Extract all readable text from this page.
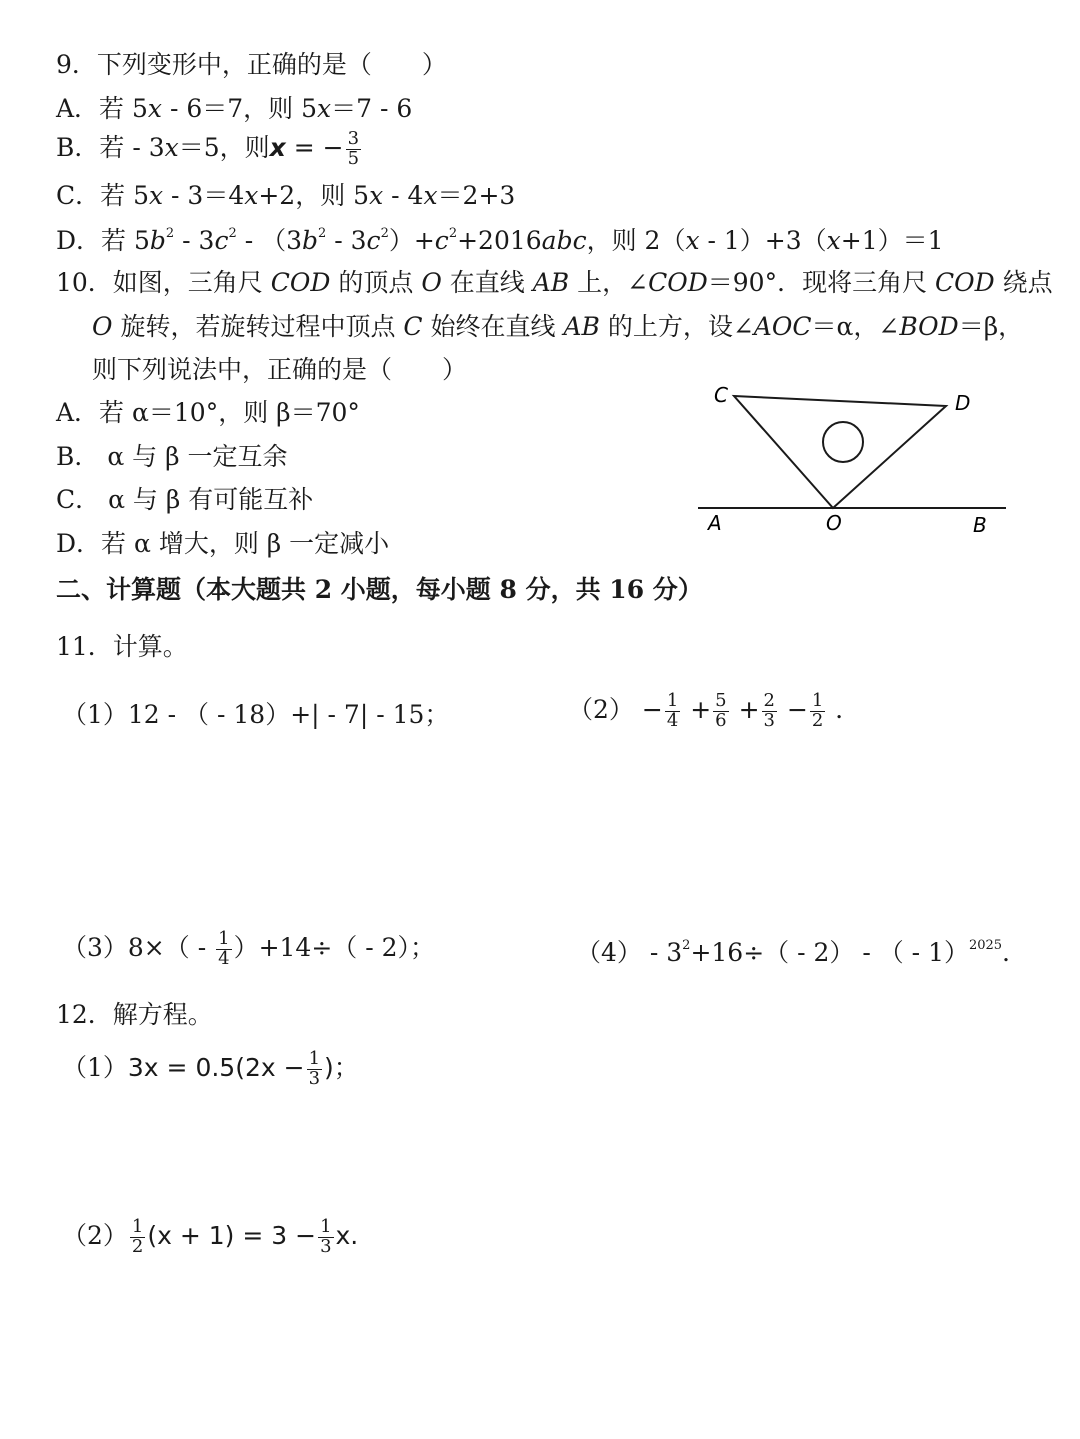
9．下列变形中，正确的是（　　）
A．若 5x - 6＝7，则 5x＝7 - 6
B．若 - 3x＝5，则x = − $\frac{3}{5}$
C．若 5x - 3＝4x+2，则 5x - 4x＝2+3
D．若 $5b^2 - 3c^2 - (3b^2 - 3c^2)+c^2+2016abc$，则 2（x - 1）+3（x+1）＝1
10．如图，三角尺 COD 的顶点 O 在直线 AB 上，∠COD＝90°．现将三角尺 COD 绕点
O 旋转，若旋转过程中顶点 C 始终在直线 AB 的上方，设∠AOC＝α，∠BOD＝β，
则下列说法中，正确的是（　　）
A．若 α＝10°，则 β＝70°
B． α 与 β 一定互余
C． α 与 β 有可能互补
D．若 α 增大，则 β 一定减小
C	D
A	O	B
二、计算题（本大题共 2 小题，每小题 8 分，共 16 分）
11．计算。
（1）12 - （ - 18）+| - 7| - 15；	$(2) - \frac{1}{4} + \frac{5}{6} + \frac{2}{3} - \frac{1}{2}$ ．
$(3)8\times( - \frac{1}{4} )+14\div( - 2)$；	$(4) - 3^2+16\div( - 2)$ - （ - 1）$^{2025}$．
12．解方程。
$(1)3x = 0.5(2x - \frac{1}{3}$ )；
$(2) \frac{1}{2} (x + 1) = 3 - \frac{1}{3} x$.
